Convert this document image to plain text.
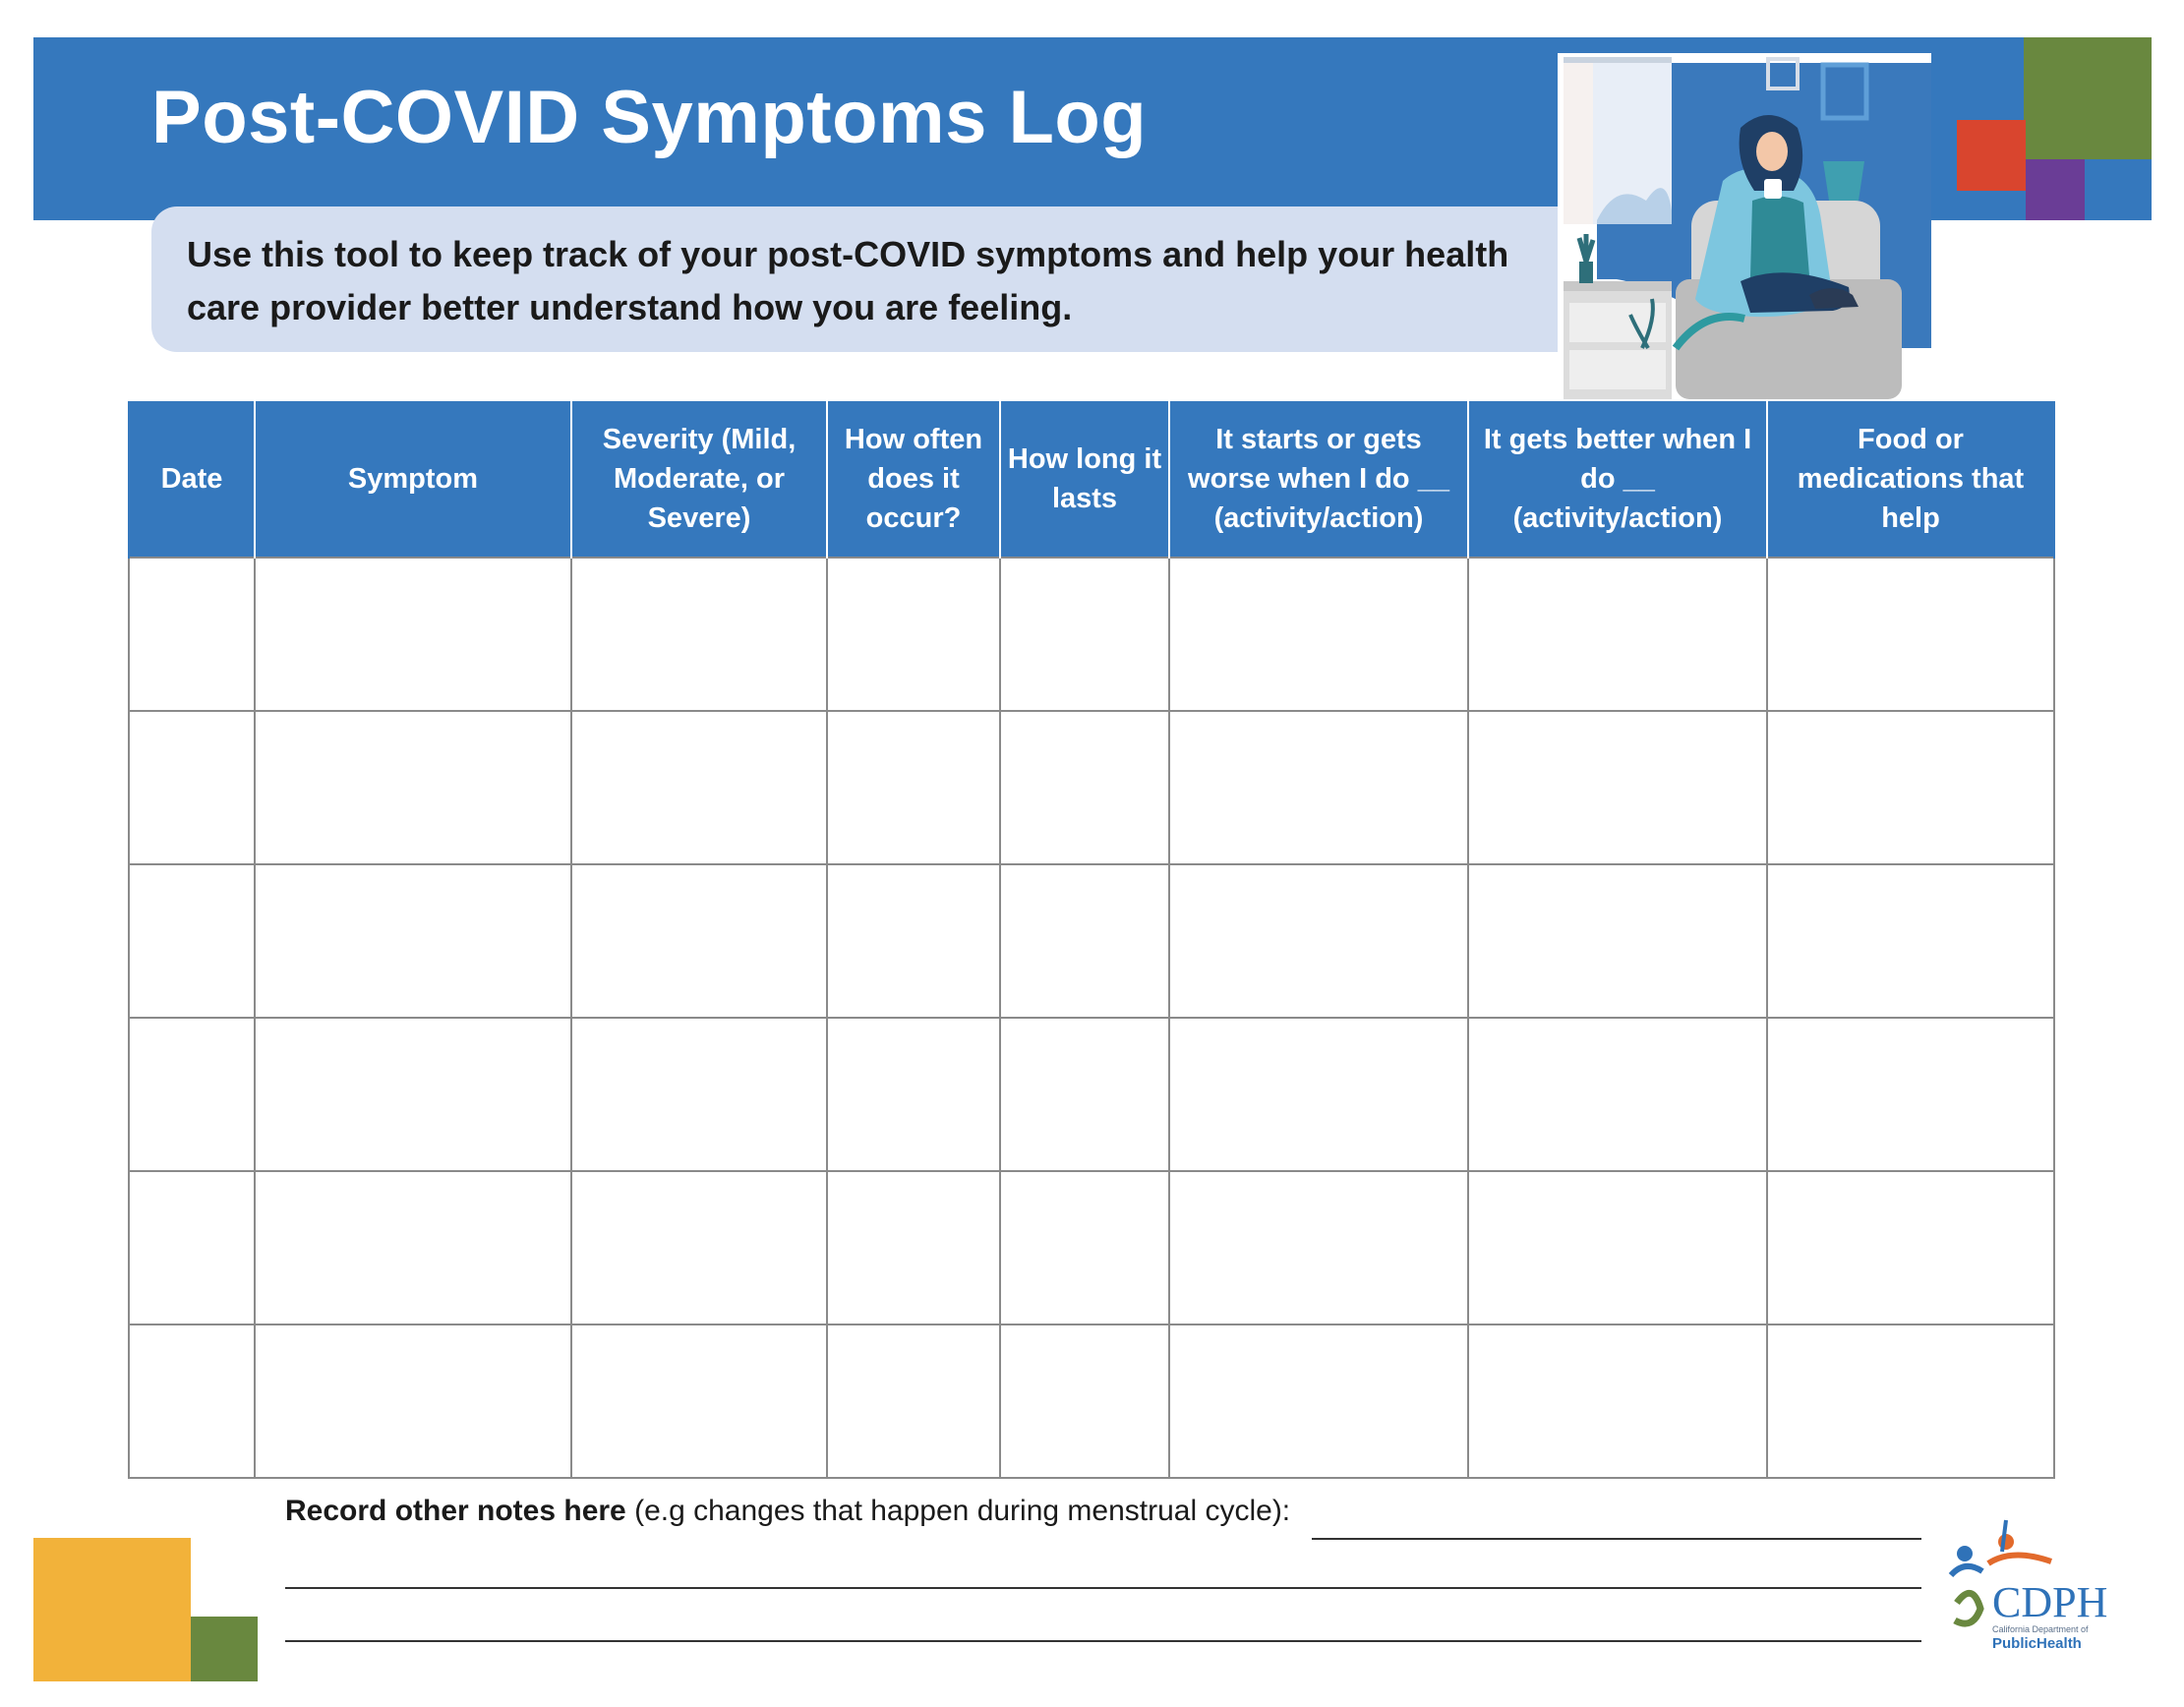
Post-COVID Symptoms Log

Use this tool to keep track of your post-COVID symptoms and help your health care provider better understand how you are feeling.

Date	Symptom	Severity (Mild, Moderate, or Severe)	How often does it occur?	How long it lasts	It starts or gets worse when I do __ (activity/action)	It gets better when I do __ (activity/action)	Food or medications that help

Record other notes here (e.g changes that happen during menstrual cycle):
CDPH
California Department of
PublicHealth
